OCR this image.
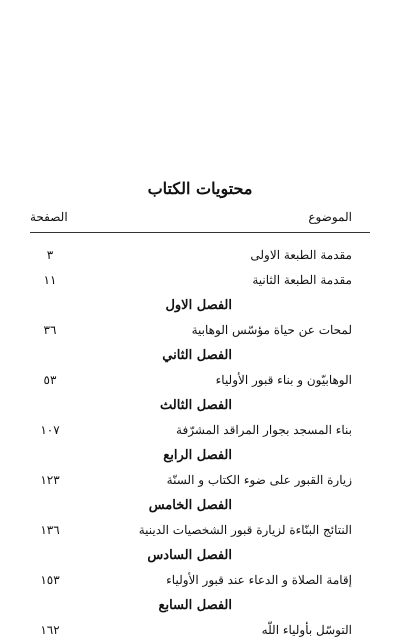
محتويات الكتاب
الموضوع
الصفحة
مقدمة الطبعة الاولى
٣
مقدمة الطبعة الثانية
١١
الفصل الاول
لمحات عن حياة مؤسّس الوهابية
٣٦
الفصل الثاني
الوهابيّون و بناء قبور الأولياء
٥٣
الفصل الثالث
بناء المسجد بجوار المراقد المشرّفة
١٠٧
الفصل الرابع
زيارة القبور على ضوء الكتاب و السنّة
١٢٣
الفصل الخامس
النتائج البنّاءة لزيارة قبور الشخصيات الدينية
١٣٦
الفصل السادس
إقامة الصلاة و الدعاء عند قبور الأولياء
١٥٣
الفصل السابع
التوسّل بأولياء اللّه
١٦٢
